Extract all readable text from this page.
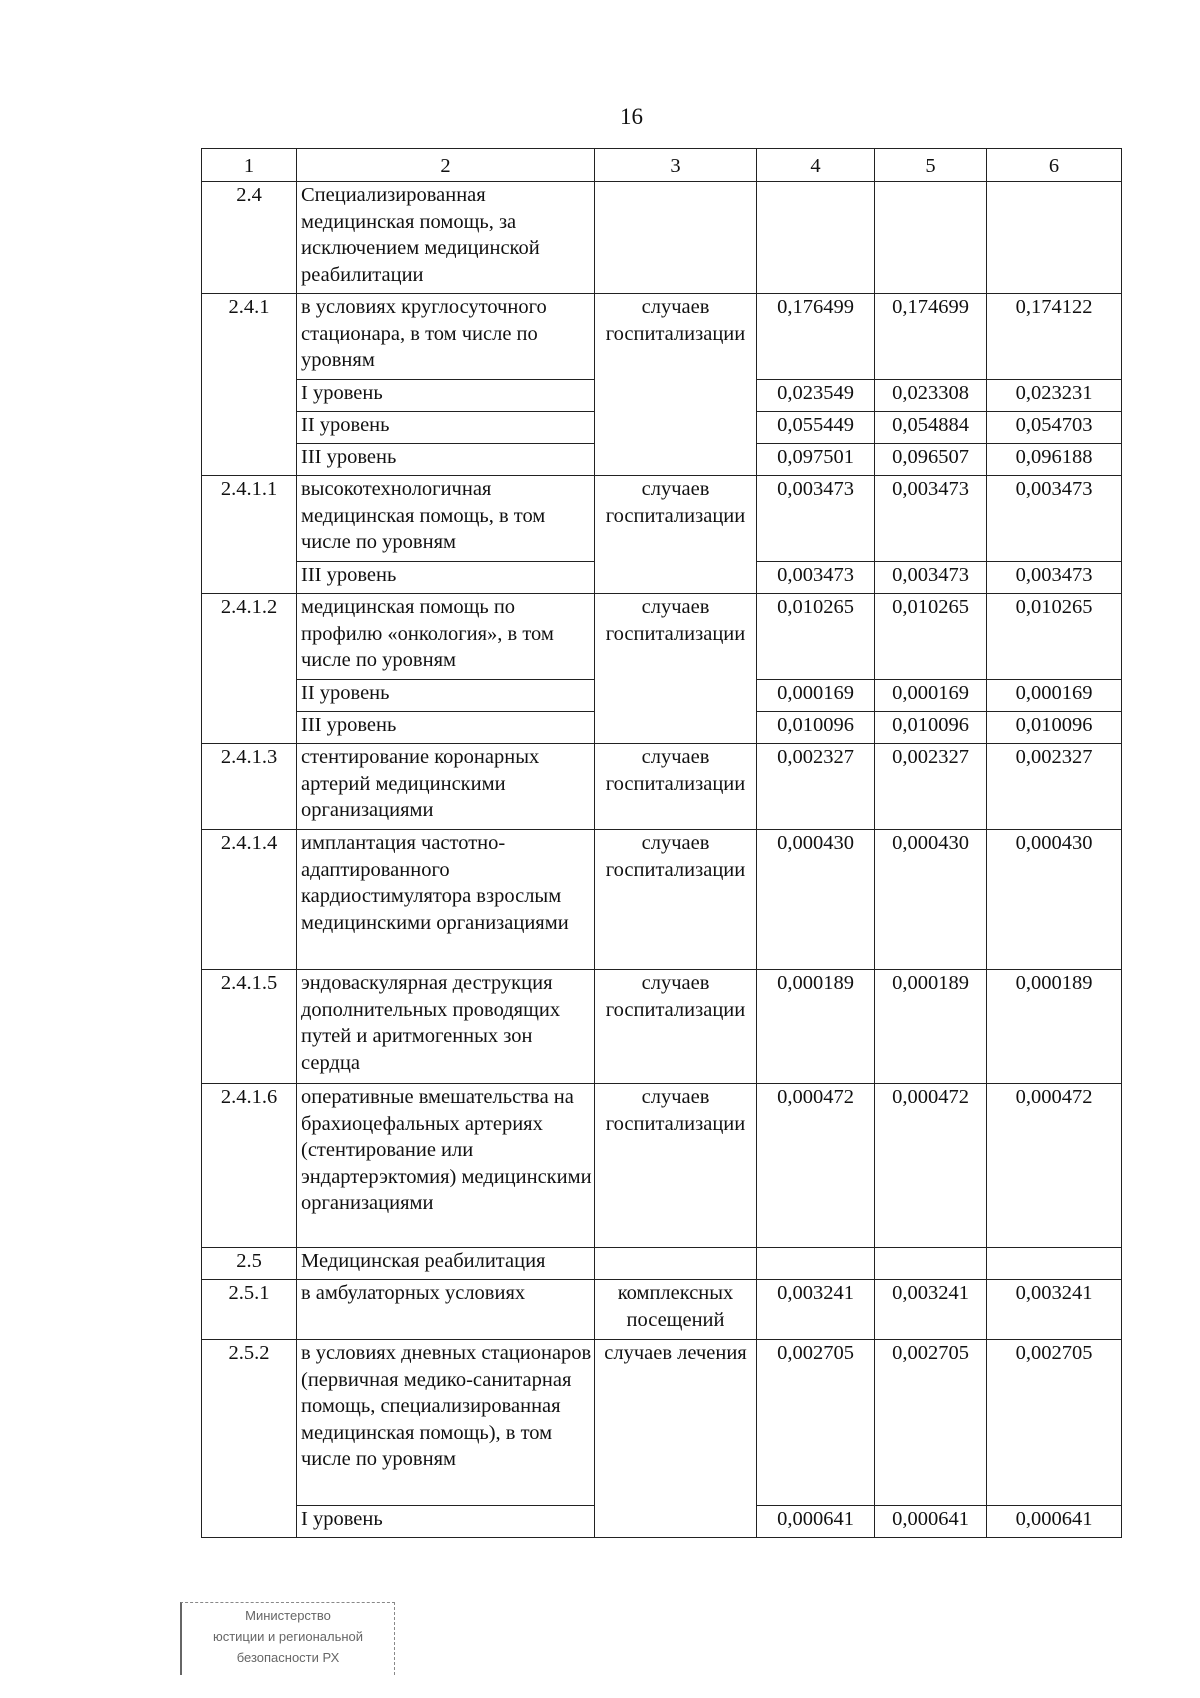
16
1	2	3	4	5	6
2.4	Специализированная медицинская помощь, за исключением медицинской реабилитации				
2.4.1	в условиях круглосуточного стационара, в том числе по уровням	случаев госпитализации	0,176499	0,174699	0,174122
	I уровень		0,023549	0,023308	0,023231
	II уровень		0,055449	0,054884	0,054703
	III уровень		0,097501	0,096507	0,096188
2.4.1.1	высокотехнологичная медицинская помощь, в том числе по уровням	случаев госпитализации	0,003473	0,003473	0,003473
	III уровень		0,003473	0,003473	0,003473
2.4.1.2	медицинская помощь по профилю «онкология», в том числе по уровням	случаев госпитализации	0,010265	0,010265	0,010265
	II уровень		0,000169	0,000169	0,000169
	III уровень		0,010096	0,010096	0,010096
2.4.1.3	стентирование коронарных артерий медицинскими организациями	случаев госпитализации	0,002327	0,002327	0,002327
2.4.1.4	имплантация частотно-адаптированного кардиостимулятора взрослым медицинскими организациями	случаев госпитализации	0,000430	0,000430	0,000430
2.4.1.5	эндоваскулярная деструкция дополнительных проводящих путей и аритмогенных зон сердца	случаев госпитализации	0,000189	0,000189	0,000189
2.4.1.6	оперативные вмешательства на брахиоцефальных артериях (стентирование или эндартерэктомия) медицинскими организациями	случаев госпитализации	0,000472	0,000472	0,000472
2.5	Медицинская реабилитация				
2.5.1	в амбулаторных условиях	комплексных посещений	0,003241	0,003241	0,003241
2.5.2	в условиях дневных стационаров (первичная медико-санитарная помощь, специализированная медицинская помощь), в том числе по уровням	случаев лечения	0,002705	0,002705	0,002705
	I уровень		0,000641	0,000641	0,000641
Министерство
юстиции и региональной
безопасности РХ
